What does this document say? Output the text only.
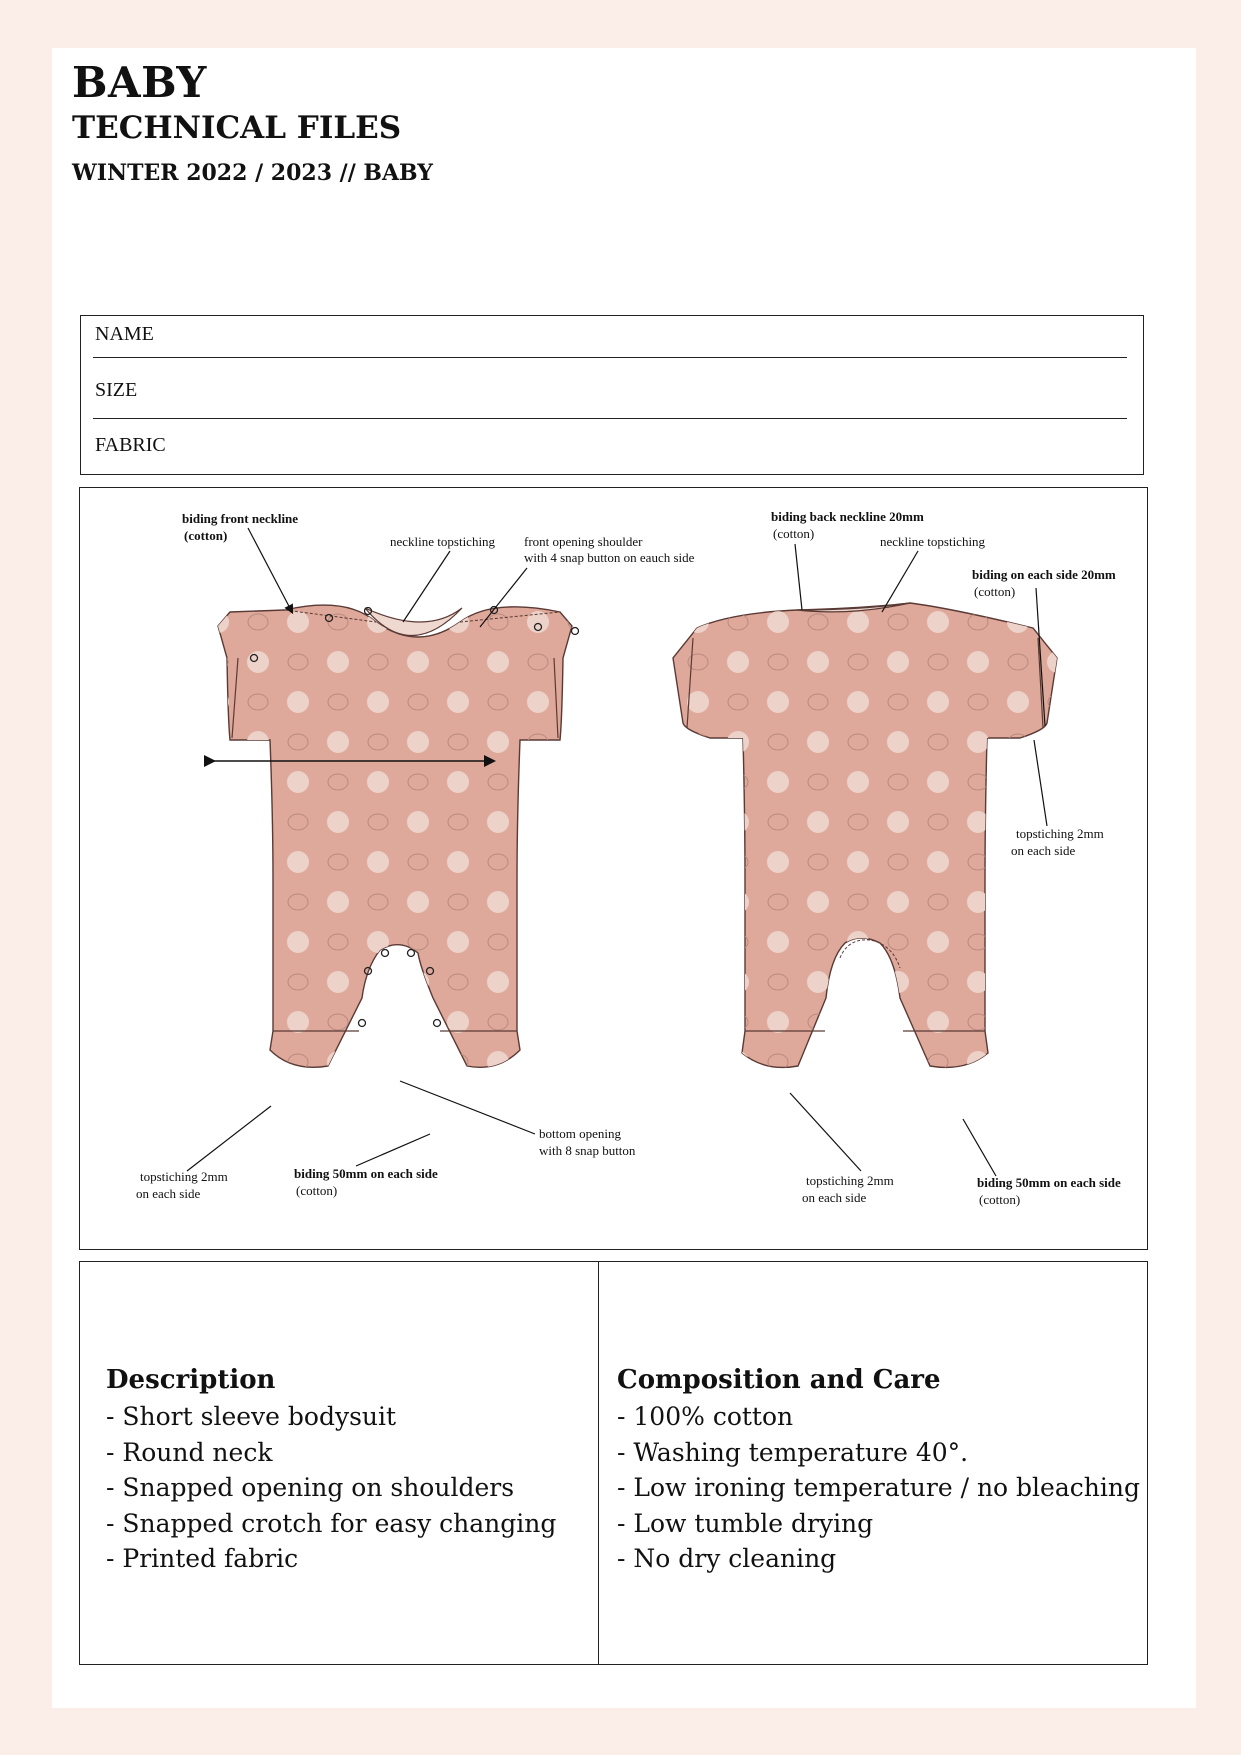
BABY
TECHNICAL FILES
WINTER 2022 / 2023 // BABY
NAME
SIZE
FABRIC
biding front neckline
(cotton)	neckline topstiching front opening shoulder
with 4 snap button on eauch side
topstiching 2mm
on each side
biding 50mm on each side
(cotton)
bottom opening
with 8 snap button
biding back neckline 20mm
(cotton)
neckline topstiching
biding on each side 20mm
(cotton)
topstiching 2mm
on each side
topstiching 2mm
on each side
biding 50mm on each side
(cotton)
Description
- Short sleeve bodysuit
- Round neck
- Snapped opening on shoulders
- Snapped crotch for easy changing
- Printed fabric
Composition and Care
- 100% cotton
- Washing temperature 40°.
- Low ironing temperature / no bleaching
- Low tumble drying
- No dry cleaning
